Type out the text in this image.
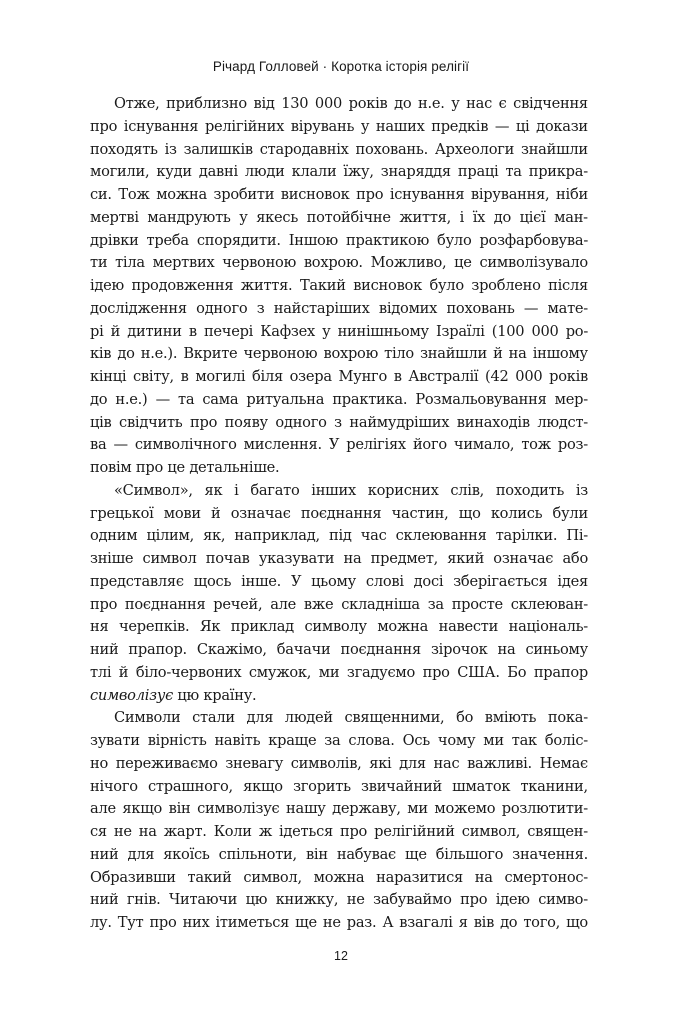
Річард Голловей · Коротка історія релігії
Отже, приблизно від 130 000 років до н.е. у нас є свідчення
про існування релігійних вірувань у наших предків — ці докази
походять із залишків стародавніх поховань. Археологи знайшли
могили, куди давні люди клали їжу, знаряддя праці та прикра-
си. Тож можна зробити висновок про існування вірування, ніби
мертві мандрують у якесь потойбічне життя, і їх до цієї ман-
дрівки треба спорядити. Іншою практикою було розфарбовува-
ти тіла мертвих червоною вохрою. Можливо, це символізувало
ідею продовження життя. Такий висновок було зроблено після
дослідження одного з найстаріших відомих поховань — мате-
рі й дитини в печері Кафзех у нинішньому Ізраїлі (100 000 ро-
ків до н.е.). Вкрите червоною вохрою тіло знайшли й на іншому
кінці світу, в могилі біля озера Мунго в Австралії (42 000 років
до н.е.) — та сама ритуальна практика. Розмальовування мер-
ців свідчить про появу одного з наймудріших винаходів людст-
ва — символічного мислення. У релігіях його чимало, тож роз-
повім про це детальніше.
«Символ», як і багато інших корисних слів, походить із
грецької мови й означає поєднання частин, що колись були
одним цілим, як, наприклад, під час склеювання тарілки. Пі-
зніше символ почав указувати на предмет, який означає або
представляє щось інше. У цьому слові досі зберігається ідея
про поєднання речей, але вже складніша за просте склеюван-
ня черепків. Як приклад символу можна навести національ-
ний прапор. Скажімо, бачачи поєднання зірочок на синьому
тлі й біло-червоних смужок, ми згадуємо про США. Бо прапор
символізує цю країну.
Символи стали для людей священними, бо вміють пока-
зувати вірність навіть краще за слова. Ось чому ми так боліс-
но переживаємо зневагу символів, які для нас важливі. Немає
нічого страшного, якщо згорить звичайний шматок тканини,
але якщо він символізує нашу державу, ми можемо розлютити-
ся не на жарт. Коли ж ідеться про релігійний символ, священ-
ний для якоїсь спільноти, він набуває ще більшого значення.
Образивши такий символ, можна наразитися на смертонос-
ний гнів. Читаючи цю книжку, не забуваймо про ідею симво-
лу. Тут про них ітиметься ще не раз. А взагалі я вів до того, що
12
